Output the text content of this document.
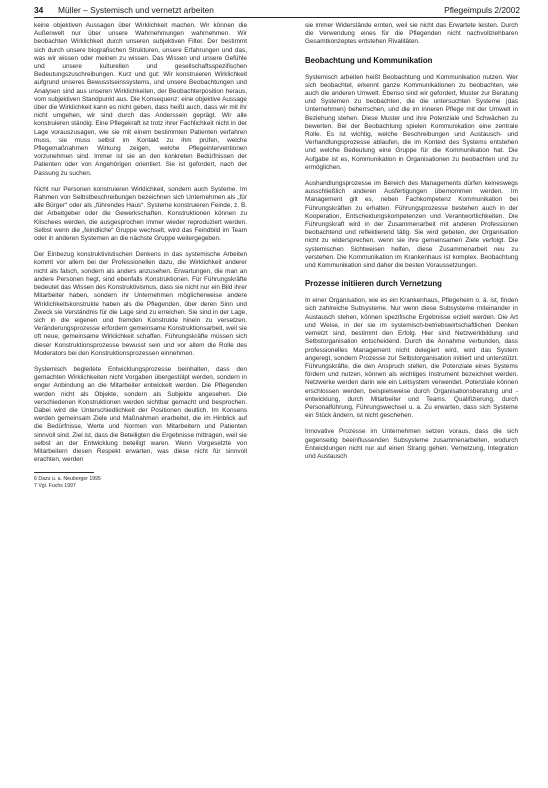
34 Müller – Systemisch und vernetzt arbeiten	Pflegeimpuls 2/2002

keine objektiven Aussagen über Wirklichkeit machen. Wir können die Außenwelt nur über unsere Wahrnehmungen wahrnehmen. Wir beobachten Wirklichkeit durch unseren subjektiven Filter. Der bestimmt sich durch unsere biografischen Strukturen, unsere Erfahrungen und das, was wir wissen oder meinen zu wissen. Das Wissen und unsere Gefühle und unsere kulturellen und gesellschaftsspezifischen Bedeutungszuschreibungen. Kurz und gut: Wir konstruieren Wirklichkeit aufgrund unseres Bewusstseinssystems, und unsere Beobachtungen und Analysen sind aus unseren Wirklichkeiten, der Beobachterposition heraus, vom subjektiven Standpunkt aus. Die Konsequenz: eine objektive Aussage über die Wirklichkeit kann es nicht geben, dass heißt auch, dass wir mit ihr nicht umgehen, wir sind durch das Anderssein geprägt. Wir alle konstruieren ständig. Eine Pflegekraft ist trotz ihrer Fachlichkeit nicht in der Lage vorauszusagen, wie sie mit einem bestimmten Patienten verfahren muss, sie muss selbst im Kontakt zu ihm prüfen, welche Pflegemaßnahmen Wirkung zeigen, welche Pflegeinterventionen vorzunehmen sind. Immer ist sie an den konkreten Bedürfnissen der Patienten oder von Angehörigen orientiert. Sie ist gefordert, nach der Passung zu suchen.

Nicht nur Personen konstruieren Wirklichkeit, sondern auch Systeme. Im Rahmen von Selbstbeschreibungen bezeichnen sich Unternehmen als „für alle Bürger“ oder als „führendes Haus“. Systeme konstruieren Feinde, z. B. der Arbeitgeber oder die Gewerkschaften. Konstruktionen können zu Klischees werden, die ausgesprochen immer wieder reproduziert werden. Selbst wenn die „feindliche“ Gruppe wechselt, wird das Feindbild im Team oder in anderen Systemen an die nächste Gruppe weitergegeben.

Der Einbezug konstruktivistischen Denkens in das systemische Arbeiten kommt vor allem bei der Professionellen dazu, die Wirklichkeit anderer nicht als falsch, sondern als anders anzusehen. Erwartungen, die man an andere Personen hegt, sind ebenfalls Konstruktionen. Für Führungskräfte bedeutet das Wissen des Konstruktivismus, dass sie nicht nur ein Bild ihrer Mitarbeiter haben, sondern ihr Unternehmen möglicherweise andere Wirklichkeitskonstrukte haben als die Pflegenden, über deren Sinn und Zweck sie Verständnis für die Lage sind zu erreichen. Sie sind in der Lage, sich in die eigenen und fremden Konstrukte hinein zu versetzen. Veränderungsprozesse erfordern gemeinsame Konstruktionsarbeit, weil sie oft neue, gemeinsame Wirklichkeit schaffen. Führungskräfte müssen sich dieser Konstruktionsprozesse bewusst sein und vor allem die Rolle des Moderators bei den Konstruktionsprozessen einnehmen.

Systemisch begleitete Entwicklungsprozesse beinhalten, dass den gemachten Wirklichkeiten nicht Vorgaben übergestülpt werden, sondern in enger Anbindung an die Mitarbeiter entwickelt werden. Die Pflegenden werden nicht als Objekte, sondern als Subjekte angesehen. Die verschiedenen Konstruktionen werden sichtbar gemacht und besprochen. Dabei wird die Unterschiedlichkeit der Positionen deutlich. Im Konsens werden gemeinsam Ziele und Maßnahmen erarbeitet, die im Hinblick auf die Bedürfnisse, Werte und Normen von Mitarbeitern und Patienten sinnvoll sind. Ziel ist, dass die Beteiligten die Ergebnisse mittragen, weil sie selbst an der Entwicklung beteiligt waren. Wenn Vorgesetzte von Mitarbeitern diesen Respekt erwarten, was diese nicht für sinnvoll erachten, werden

6 Dazu u. a. Neuberger 1995

7 Vgl. Fuchs 1997

sie immer Widerstände ernten, weil sie nicht das Erwartete leisten. Durch die Verwendung eines für die Pflegenden nicht nachvollziehbaren Gesamtkonzeptes entstehen Rivalitäten.

Beobachtung und Kommunikation

Systemisch arbeiten heißt Beobachtung und Kommunikation nutzen. Wer sich beobachtet, erkennt ganze Kommunikationen zu beobachten, wie auch die anderen Umwelt. Ebenso sind wir gefordert, Muster zur Beratung und Systemen zu beobachten, die die untersuchten Systeme (das Unternehmen) beherrschen, und die im inneren Pflege mit der Umwelt in Beziehung stehen. Diese Muster und ihre Potenziale und Schwächen zu bewerten. Bei der Beobachtung spielen Kommunikation eine zentrale Rolle. Es ist wichtig, welche Beschreibungen und Austausch- und Verhandlungsprozesse ablaufen, die im Kontext des Systems entstehen und welche Bedeutung eine Gruppe für die Kommunikation hat. Die Aufgabe ist es, Kommunikation in Organisationen zu beobachten und zu ermöglichen.

Aushandlungsprozesse im Bereich des Managements dürfen keineswegs ausschließlich anderen Ausfertigungen übernommen werden. Im Management gilt es, neben Fachkompetenz Kommunikation bei Führungskräften zu erhalten. Führungsprozesse bestehen auch in der Kooperation, Entscheidungskompetenzen und Verantwortlichkeiten. Die Führungskraft wird in der Zusammenarbeit mit anderen Professionen beobachtend und reflektierend tätig. Sie wird gebeten, der Organisation nicht zu widersprechen, wenn sie ihre gemeinsamen Ziele verfolgt. Die systemischen Sichtweisen helfen, diese Zusammenarbeit neu zu verstehen. Die Kommunikation im Krankenhaus ist komplex. Beobachtung und Kommunikation sind daher die besten Voraussetzungen.

Prozesse initiieren durch Vernetzung

In einer Organisation, wie es ein Krankenhaus, Pflegeheim o. ä. ist, finden sich zahlreiche Subsysteme. Nur wenn diese Subsysteme miteinander in Austausch stehen, können spezifische Ergebnisse erzielt werden. Die Art und Weise, in der sie im systemisch-betriebswirtschaftlichen Denken vernetzt sind, bestimmt den Erfolg. Hier sind Netzwerkbildung und Selbstorganisation entscheidend. Durch die Annahme verbunden, dass professionelles Management nicht delegiert wird, wird das System angeregt, sondern Prozesse zur Selbstorganisation initiiert und unterstützt. Führungskräfte, die den Anspruch stellen, die Potenziale eines Systems fördern und nutzen, können als wichtiges Instrument bezeichnet werden. Netzwerke werden darin wie ein Leitsystem verwendet. Potenziale können erschlossen werden, beispielsweise durch Organisationsberatung und -entwicklung, durch Mitarbeiter und Teams. Qualifizierung, durch Personalführung, Führungswechsel u. a. Zu erwarten, dass sich Systeme ein Stück ändern, ist nicht geschehen.

Innovative Prozesse im Unternehmen setzen voraus, dass die sich gegenseitig beeinflussenden Subsysteme zusammenarbeiten, wodurch Entwicklungen nicht nur auf einen Strang gehen. Vernetzung, Integration und Austausch
